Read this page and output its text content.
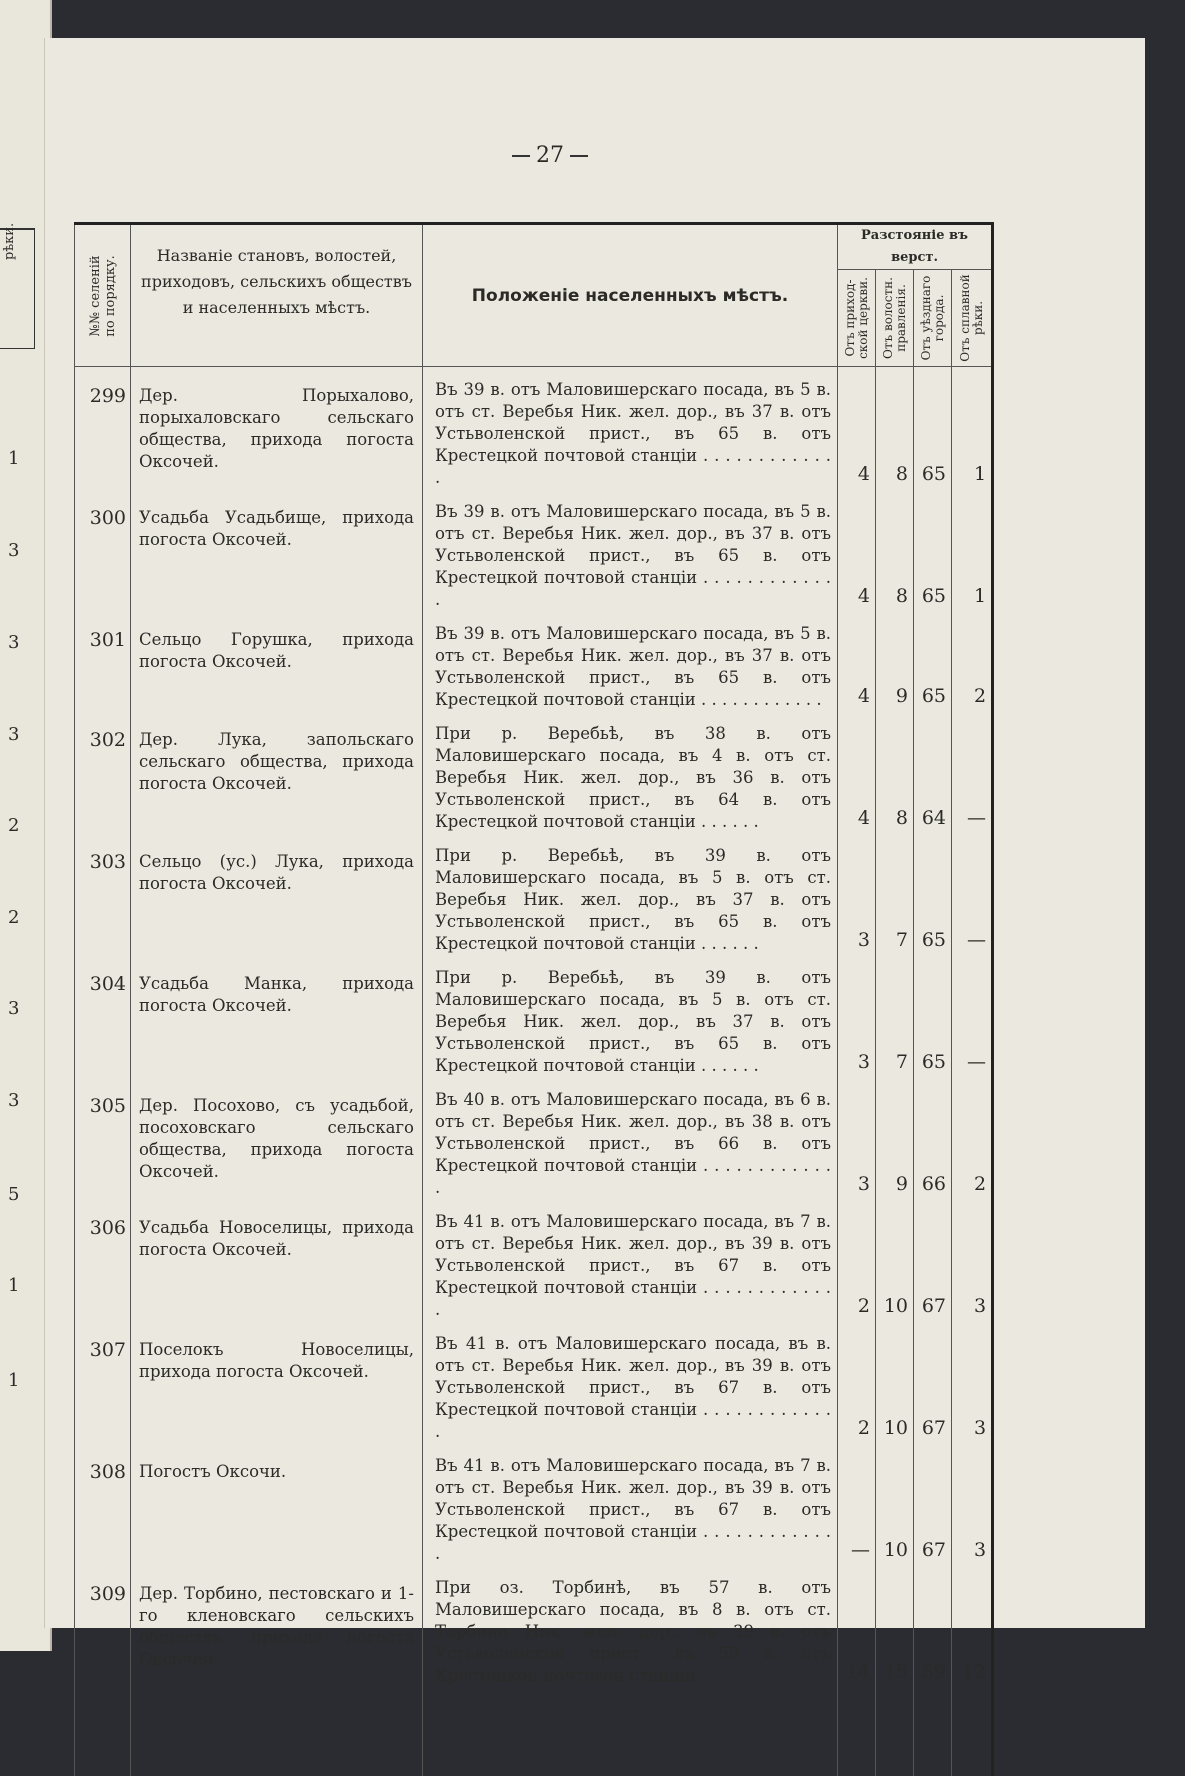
рѣки.
1
3
3
3
2
2
3
3
5
1
1
27
№№ селеній по порядку.	Названіе становъ, волостей,
приходовъ, сельскихъ обществъ
и населенныхъ мѣстъ.	Положеніе населенныхъ мѣстъ.	Разстояніе въ верст.			

			Отъ приход-ской церкви.	Отъ волостн. правленія.	Отъ уѣзднаго города.	Отъ сплавной рѣки.

299	Дер. Порыхалово, порыхаловскаго сельскаго общества, прихода погоста Оксочей.	Въ 39 в. отъ Маловишерскаго посада, въ 5 в. отъ ст. Веребья Ник. жел. дор., въ 37 в. отъ Устьволенской прист., въ 65 в. отъ Крестецкой почтовой станціи . . . . . . . . . . . . .	4	8	65	1
300	Усадьба Усадьбище, прихода погоста Оксочей.	Въ 39 в. отъ Маловишерскаго посада, въ 5 в. отъ ст. Веребья Ник. жел. дор., въ 37 в. отъ Устьволенской прист., въ 65 в. отъ Крестецкой почтовой станціи . . . . . . . . . . . . .	4	8	65	1
301	Сельцо Горушка, прихода погоста Оксочей.	Въ 39 в. отъ Маловишерскаго посада, въ 5 в. отъ ст. Веребья Ник. жел. дор., въ 37 в. отъ Устьволенской прист., въ 65 в. отъ Крестецкой почтовой станціи . . . . . . . . . . . .	4	9	65	2
302	Дер. Лука, запольскаго сельскаго общества, прихода погоста Оксочей.	При р. Веребьѣ, въ 38 в. отъ Маловишерскаго посада, въ 4 в. отъ ст. Веребья Ник. жел. дор., въ 36 в. отъ Устьволенской прист., въ 64 в. отъ Крестецкой почтовой станціи . . . . . .	4	8	64	—
303	Сельцо (ус.) Лука, прихода погоста Оксочей.	При р. Веребьѣ, въ 39 в. отъ Маловишерскаго посада, въ 5 в. отъ ст. Веребья Ник. жел. дор., въ 37 в. отъ Устьволенской прист., въ 65 в. отъ Крестецкой почтовой станціи . . . . . .	3	7	65	—
304	Усадьба Манка, прихода погоста Оксочей.	При р. Веребьѣ, въ 39 в. отъ Маловишерскаго посада, въ 5 в. отъ ст. Веребья Ник. жел. дор., въ 37 в. отъ Устьволенской прист., въ 65 в. отъ Крестецкой почтовой станціи . . . . . .	3	7	65	—
305	Дер. Посохово, съ усадьбой, посоховскаго сельскаго общества, прихода погоста Оксочей.	Въ 40 в. отъ Маловишерскаго посада, въ 6 в. отъ ст. Веребья Ник. жел. дор., въ 38 в. отъ Устьволенской прист., въ 66 в. отъ Крестецкой почтовой станціи . . . . . . . . . . . . .	3	9	66	2
306	Усадьба Новоселицы, прихода погоста Оксочей.	Въ 41 в. отъ Маловишерскаго посада, въ 7 в. отъ ст. Веребья Ник. жел. дор., въ 39 в. отъ Устьволенской прист., въ 67 в. отъ Крестецкой почтовой станціи . . . . . . . . . . . . .	2	10	67	3
307	Поселокъ Новоселицы, прихода погоста Оксочей.	Въ 41 в. отъ Маловишерскаго посада, въ в. отъ ст. Веребья Ник. жел. дор., въ 39 в. отъ Устьволенской прист., въ 67 в. отъ Крестецкой почтовой станціи . . . . . . . . . . . . .	2	10	67	3
308	Погостъ Оксочи.	Въ 41 в. отъ Маловишерскаго посада, въ 7 в. отъ ст. Веребья Ник. жел. дор., въ 39 в. отъ Устьволенской прист., въ 67 в. отъ Крестецкой почтовой станціи . . . . . . . . . . . . .	—	10	67	3
309	Дер. Торбино, пестовскаго и 1-го кленовскаго сельскихъ обществъ, прихода погоста Оксочей.	При оз. Торбинѣ, въ 57 в. отъ Маловишерскаго посада, въ 8 в. отъ ст. Торбина Ник. жел. дор., въ 39 в. отъ Устьволенской прист., въ 59 в. отъ Крестецкой почтовой станціи . .	14	15	59	12
